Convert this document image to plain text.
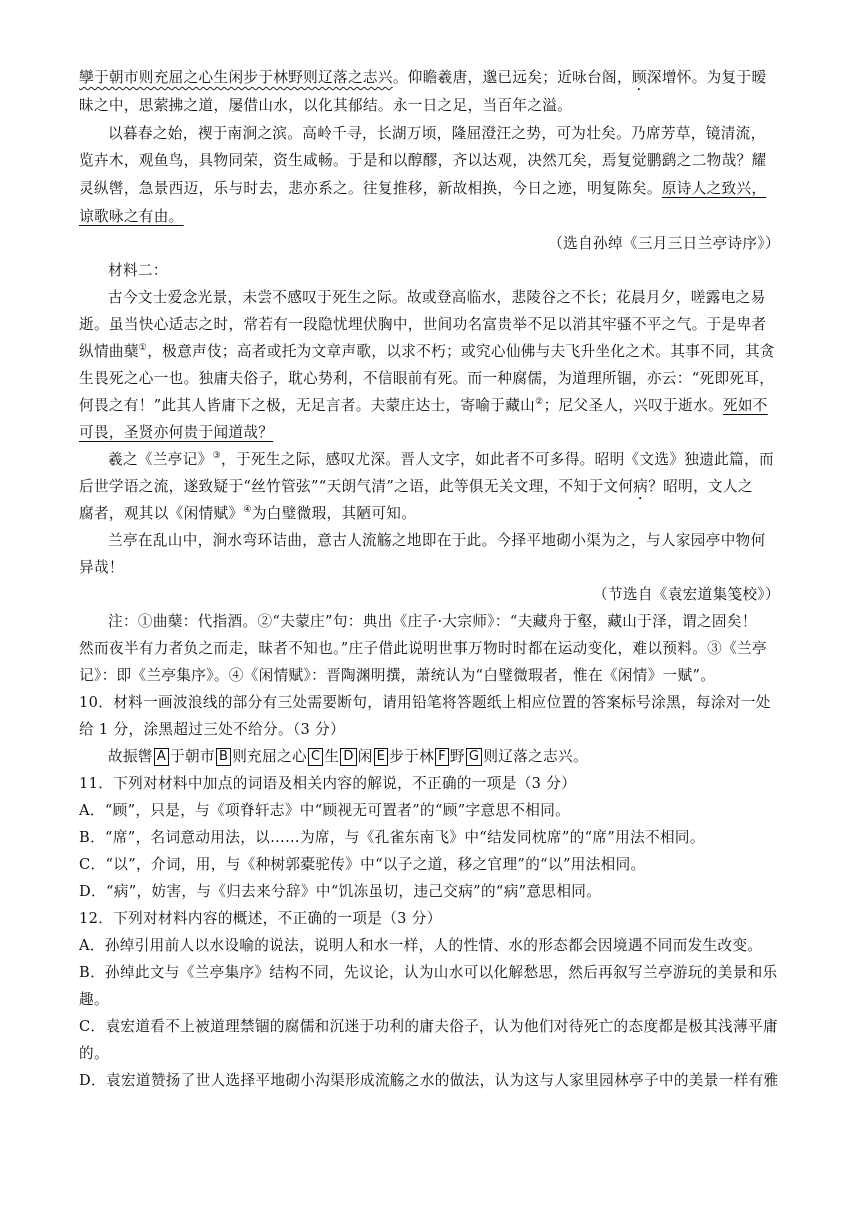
孿于朝市则充屈之心生闲步于林野则辽落之志兴。仰瞻羲唐，邈已远矣；近咏台阁，顾深增怀。为复于暧
昧之中，思萦拂之道，屡借山水，以化其郁结。永一日之足，当百年之溢。
以暮春之始，禊于南涧之滨。高岭千寻，长湖万顷，隆屈澄汪之势，可为壮矣。乃席芳草，镜清流，
览卉木，观鱼鸟，具物同荣，资生咸畅。于是和以醇醪，齐以达观，决然兀矣，焉复觉鹏鹞之二物哉？耀
灵纵辔，急景西迈，乐与时去，悲亦系之。往复推移，新故相换，今日之迹，明复陈矣。原诗人之致兴，
谅歌咏之有由。
（选自孙绰《三月三日兰亭诗序》）
材料二：
古今文士爱念光景，未尝不感叹于死生之际。故或登高临水，悲陵谷之不长；花晨月夕，嗟露电之易
逝。虽当快心适志之时，常若有一段隐忧埋伏胸中，世间功名富贵举不足以消其牢骚不平之气。于是卑者
纵情曲蘖①，极意声伎；高者或托为文章声歌，以求不朽；或究心仙佛与夫飞升坐化之术。其事不同，其贪
生畏死之心一也。独庸夫俗子，耽心势利，不信眼前有死。而一种腐儒，为道理所锢，亦云：“死即死耳，
何畏之有！”此其人皆庸下之极，无足言者。夫蒙庄达士，寄喻于藏山②；尼父圣人，兴叹于逝水。死如不
可畏，圣贤亦何贵于闻道哉？
羲之《兰亭记》③，于死生之际，感叹尤深。晋人文字，如此者不可多得。昭明《文选》独遗此篇，而
后世学语之流，遂致疑于“丝竹管弦”“天朗气清”之语，此等俱无关文理，不知于文何病？昭明，文人之
腐者，观其以《闲情赋》④为白璧微瑕，其陋可知。
兰亭在乱山中，涧水弯环诘曲，意古人流觞之地即在于此。今择平地砌小渠为之，与人家园亭中物何
异哉！
（节选自《袁宏道集笺校》）
注：①曲蘖：代指酒。②“夫蒙庄”句：典出《庄子·大宗师》：“夫藏舟于壑，藏山于泽，谓之固矣！
然而夜半有力者负之而走，昧者不知也。”庄子借此说明世事万物时时都在运动变化，难以预料。③《兰亭
记》：即《兰亭集序》。④《闲情赋》：晋陶渊明撰，萧统认为“白璧微瑕者，惟在《闲情》一赋”。
10．材料一画波浪线的部分有三处需要断句，请用铅笔将答题纸上相应位置的答案标号涂黑，每涂对一处
给 1 分，涂黑超过三处不给分。（3 分）
故振辔 A 于朝市 B 则充屈之心 C 生 D 闲 E 步于林 F 野 G 则辽落之志兴。
11．下列对材料中加点的词语及相关内容的解说，不正确的一项是（3 分）
A．“顾”，只是，与《项脊轩志》中“顾视无可置者”的“顾”字意思不相同。
B．“席”，名词意动用法，以……为席，与《孔雀东南飞》中“结发同枕席”的“席”用法不相同。
C．“以”，介词，用，与《种树郭橐驼传》中“以子之道，移之官理”的“以”用法相同。
D．“病”，妨害，与《归去来兮辞》中“饥冻虽切，违己交病”的“病”意思相同。
12．下列对材料内容的概述，不正确的一项是（3 分）
A．孙绰引用前人以水设喻的说法，说明人和水一样，人的性情、水的形态都会因境遇不同而发生改变。
B．孙绰此文与《兰亭集序》结构不同，先议论，认为山水可以化解愁思，然后再叙写兰亭游玩的美景和乐
趣。
C．袁宏道看不上被道理禁锢的腐儒和沉迷于功利的庸夫俗子，认为他们对待死亡的态度都是极其浅薄平庸
的。
D．袁宏道赞扬了世人选择平地砌小沟渠形成流觞之水的做法，认为这与人家里园林亭子中的美景一样有雅
